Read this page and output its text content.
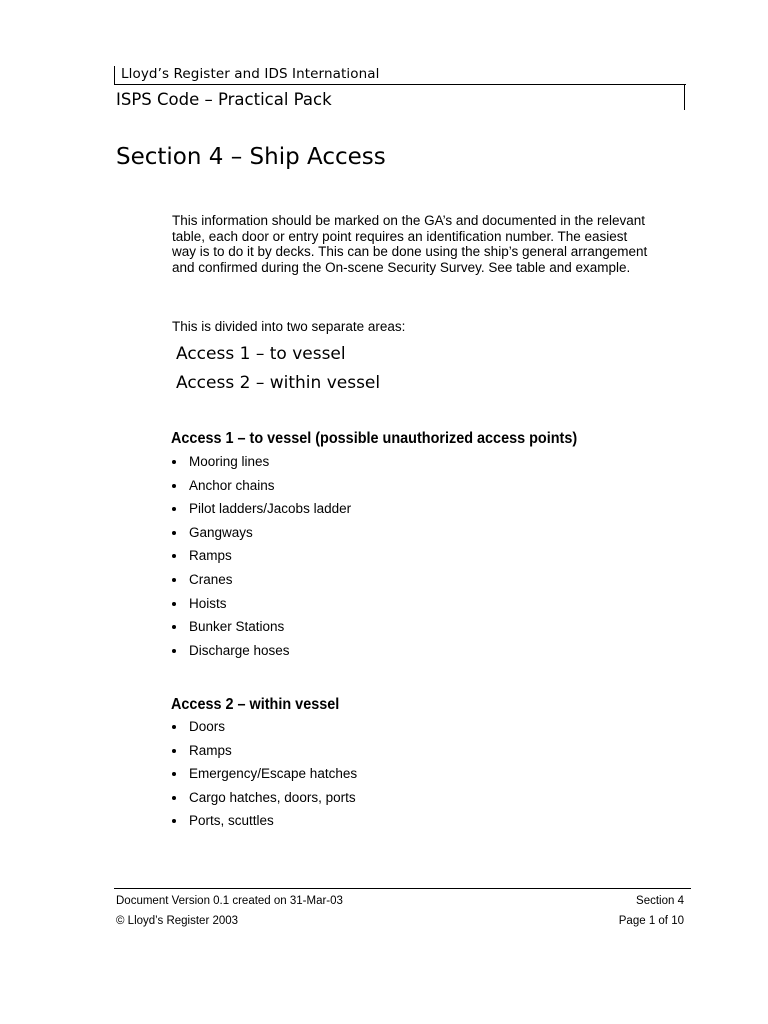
Lloyd’s Register and IDS International
ISPS Code – Practical Pack
Section 4 – Ship Access
This information should be marked on the GA’s and documented in the relevant table, each door or entry point requires an identification number. The easiest way is to do it by decks. This can be done using the ship’s general arrangement and confirmed during the On-scene Security Survey. See table and example.
This is divided into two separate areas:
Access 1 – to vessel
Access 2 – within vessel
Access 1 – to vessel (possible unauthorized access points)
Mooring lines
Anchor chains
Pilot ladders/Jacobs ladder
Gangways
Ramps
Cranes
Hoists
Bunker Stations
Discharge hoses
Access 2 – within vessel
Doors
Ramps
Emergency/Escape hatches
Cargo hatches, doors, ports
Ports, scuttles
Document Version 0.1 created on 31-Mar-03
© Lloyd’s Register 2003
Section 4
Page 1 of 10
